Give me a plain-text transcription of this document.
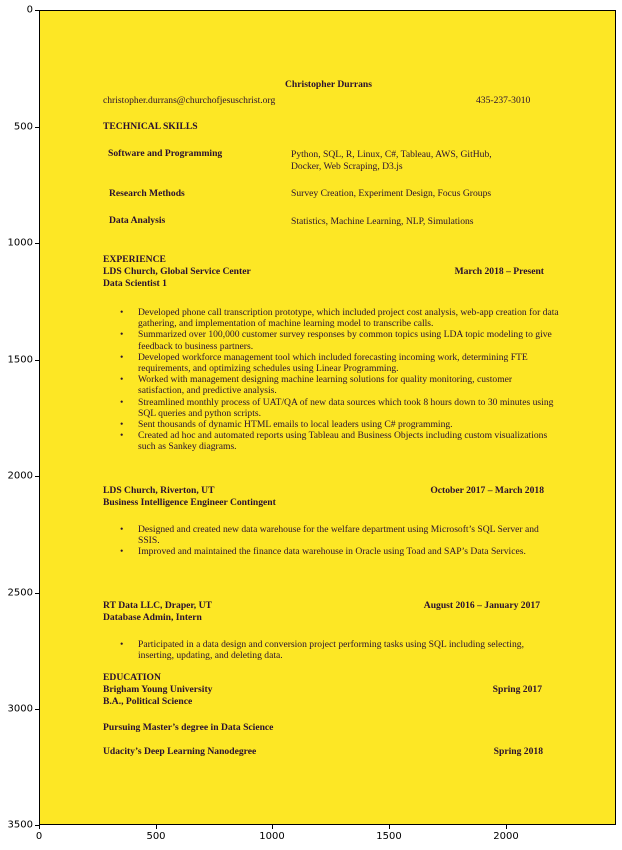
Christopher Durrans
christopher.durrans@churchofjesuschrist.org	435-237-3010
TECHNICAL SKILLS
Software and Programming	Python, SQL, R, Linux, C#, Tableau, AWS, GitHub,
Docker, Web Scraping, D3.js
Research Methods	Survey Creation, Experiment Design, Focus Groups
Data Analysis	Statistics, Machine Learning, NLP, Simulations
EXPERIENCE
LDS Church, Global Service Center	March 2018 – Present
Data Scientist 1
• Developed phone call transcription prototype, which included project cost analysis, web-app creation for data gathering, and implementation of machine learning model to transcribe calls.
• Summarized over 100,000 customer survey responses by common topics using LDA topic modeling to give feedback to business partners.
• Developed workforce management tool which included forecasting incoming work, determining FTE requirements, and optimizing schedules using Linear Programming.
• Worked with management designing machine learning solutions for quality monitoring, customer satisfaction, and predictive analysis.
• Streamlined monthly process of UAT/QA of new data sources which took 8 hours down to 30 minutes using SQL queries and python scripts.
• Sent thousands of dynamic HTML emails to local leaders using C# programming.
• Created ad hoc and automated reports using Tableau and Business Objects including custom visualizations such as Sankey diagrams.
LDS Church, Riverton, UT	October 2017 – March 2018
Business Intelligence Engineer Contingent
• Designed and created new data warehouse for the welfare department using Microsoft’s SQL Server and SSIS.
• Improved and maintained the finance data warehouse in Oracle using Toad and SAP’s Data Services.
RT Data LLC, Draper, UT	August 2016 – January 2017
Database Admin, Intern
• Participated in a data design and conversion project performing tasks using SQL including selecting, inserting, updating, and deleting data.
EDUCATION
Brigham Young University	Spring 2017
B.A., Political Science
Pursuing Master’s degree in Data Science
Udacity’s Deep Learning Nanodegree	Spring 2018
0	500	1000	1500	2000
0
500
1000
1500
2000
2500
3000
3500
